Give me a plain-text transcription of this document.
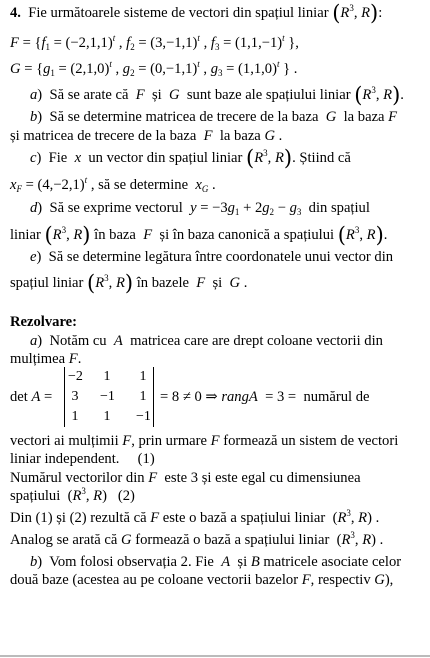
4.  Fie următoarele sisteme de vectori din spațiul liniar ($R^3$, R):
$F = \{f_1 = (-2,1,1)^t$ , $f_2 = (3,-1,1)^t$ , $f_3 = (1,1,-1)^t$ },
$G = \{g_1 = (2,1,0)^t$ , $g_2 = (0,-1,1)^t$ , $g_3 = (1,1,0)^t$ } .
a)  Să se arate că  F  și  G  sunt baze ale spațiului liniar ($R^3$, R).
b)  Să se determine matricea de trecere de la baza  G  la baza F
și matricea de trecere de la baza  F  la baza G .
c)  Fie  x  un vector din spațiul liniar ($R^3$, R). Știind că
$x_F = (4,-2,1)^t$ , să se determine  $x_G$ .
d)  Să se exprime vectorul  $y = -3g_1 + 2g_2 - g_3$  din spațiul
liniar ($R^3$, R) în baza  F  și în baza canonică a spațiului ($R^3$, R).
e)  Să se determine legătura între coordonatele unui vector din
spațiul liniar ($R^3$, R) în bazele  F  și  G .
Rezolvare:
a)  Notăm cu  A  matricea care are drept coloane vectorii din
mulțimea F.
det A =
−2 1 1
3 −1 1
1 1 −1
= 8 ≠ 0 ⇒ rangA  = 3 =  numărul de
vectori ai mulțimii F, prin urmare F formează un sistem de vectori
liniar independent.     (1)
Numărul vectorilor din F  este 3 și este egal cu dimensiunea
spațiului  ($R^3$, R)   (2)
Din (1) și (2) rezultă că F este o bază a spațiului liniar  ($R^3$, R) .
Analog se arată că G formează o bază a spațiului liniar  ($R^3$, R) .
b)  Vom folosi observația 2. Fie  A  și B matricele asociate celor
două baze (acestea au pe coloane vectorii bazelor F, respectiv G),
